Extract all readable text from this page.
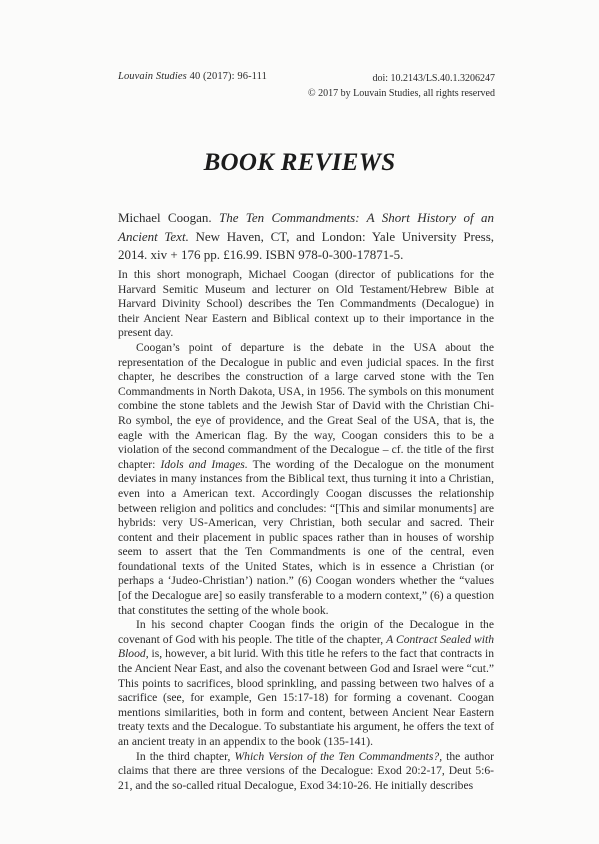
Louvain Studies 40 (2017): 96-111	doi: 10.2143/LS.40.1.3206247
© 2017 by Louvain Studies, all rights reserved
BOOK REVIEWS
Michael Coogan. The Ten Commandments: A Short History of an Ancient Text. New Haven, CT, and London: Yale University Press, 2014. xiv + 176 pp. £16.99. ISBN 978-0-300-17871-5.

In this short monograph, Michael Coogan (director of publications for the Harvard Semitic Museum and lecturer on Old Testament/Hebrew Bible at Harvard Divinity School) describes the Ten Commandments (Decalogue) in their Ancient Near Eastern and Biblical context up to their importance in the present day.

Coogan’s point of departure is the debate in the USA about the representation of the Decalogue in public and even judicial spaces. In the first chapter, he describes the construction of a large carved stone with the Ten Commandments in North Dakota, USA, in 1956. The symbols on this monument combine the stone tablets and the Jewish Star of David with the Christian Chi-Ro symbol, the eye of providence, and the Great Seal of the USA, that is, the eagle with the American flag. By the way, Coogan considers this to be a violation of the second commandment of the Decalogue – cf. the title of the first chapter: Idols and Images. The wording of the Decalogue on the monument deviates in many instances from the Biblical text, thus turning it into a Christian, even into a American text. Accordingly Coogan discusses the relationship between religion and politics and concludes: “[This and similar monuments] are hybrids: very US-American, very Christian, both secular and sacred. Their content and their placement in public spaces rather than in houses of worship seem to assert that the Ten Commandments is one of the central, even foundational texts of the United States, which is in essence a Christian (or perhaps a ‘Judeo-Christian’) nation.” (6) Coogan wonders whether the “values [of the Decalogue are] so easily transferable to a modern context,” (6) a question that constitutes the setting of the whole book.

In his second chapter Coogan finds the origin of the Decalogue in the covenant of God with his people. The title of the chapter, A Contract Sealed with Blood, is, however, a bit lurid. With this title he refers to the fact that contracts in the Ancient Near East, and also the covenant between God and Israel were “cut.” This points to sacrifices, blood sprinkling, and passing between two halves of a sacrifice (see, for example, Gen 15:17-18) for forming a covenant. Coogan mentions similarities, both in form and content, between Ancient Near Eastern treaty texts and the Decalogue. To substantiate his argument, he offers the text of an ancient treaty in an appendix to the book (135-141).

In the third chapter, Which Version of the Ten Commandments?, the author claims that there are three versions of the Decalogue: Exod 20:2-17, Deut 5:6-21, and the so-called ritual Decalogue, Exod 34:10-26. He initially describes
